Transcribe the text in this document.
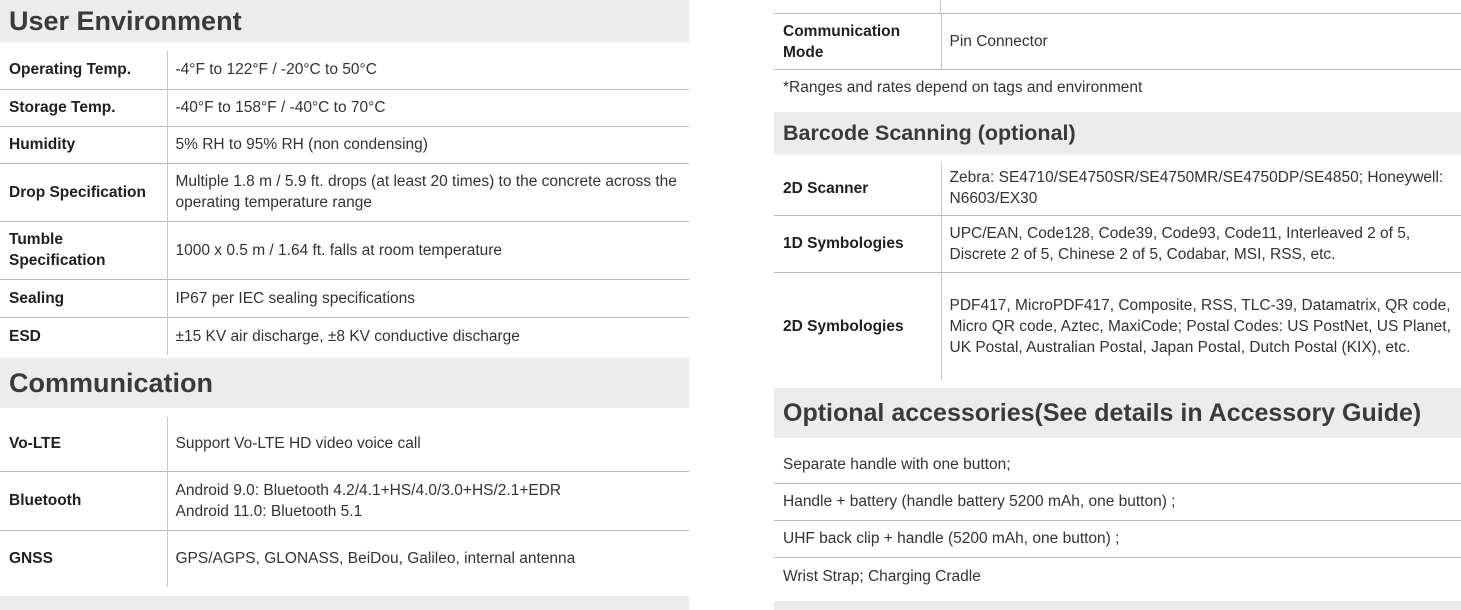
User Environment
Operating Temp.	-4°F to 122°F / -20°C to 50°C
Storage Temp.	-40°F to 158°F / -40°C to 70°C
Humidity	5% RH to 95% RH (non condensing)
Drop Specification	Multiple 1.8 m / 5.9 ft. drops (at least 20 times) to the concrete across the operating temperature range
Tumble Specification	1000 x 0.5 m / 1.64 ft. falls at room temperature
Sealing	IP67 per IEC sealing specifications
ESD	±15 KV air discharge, ±8 KV conductive discharge
Communication
Vo-LTE	Support Vo-LTE HD video voice call
Bluetooth	Android 9.0: Bluetooth 4.2/4.1+HS/4.0/3.0+HS/2.1+EDR
Android 11.0: Bluetooth 5.1

GNSS	GPS/AGPS, GLONASS, BeiDou, Galileo, internal antenna
Communication Mode	Pin Connector
*Ranges and rates depend on tags and environment
Barcode Scanning (optional)
2D Scanner	Zebra: SE4710/SE4750SR/SE4750MR/SE4750DP/SE4850; Honeywell: N6603/EX30
1D Symbologies	UPC/EAN, Code128, Code39, Code93, Code11, Interleaved 2 of 5, Discrete 2 of 5, Chinese 2 of 5, Codabar, MSI, RSS, etc.
2D Symbologies	PDF417, MicroPDF417, Composite, RSS, TLC-39, Datamatrix, QR code, Micro QR code, Aztec, MaxiCode; Postal Codes: US PostNet, US Planet, UK Postal, Australian Postal, Japan Postal, Dutch Postal (KIX), etc.
Optional accessories(See details in Accessory Guide)
Separate handle with one button;
Handle + battery (handle battery 5200 mAh, one button) ;
UHF back clip + handle (5200 mAh, one button) ;
Wrist Strap; Charging Cradle
